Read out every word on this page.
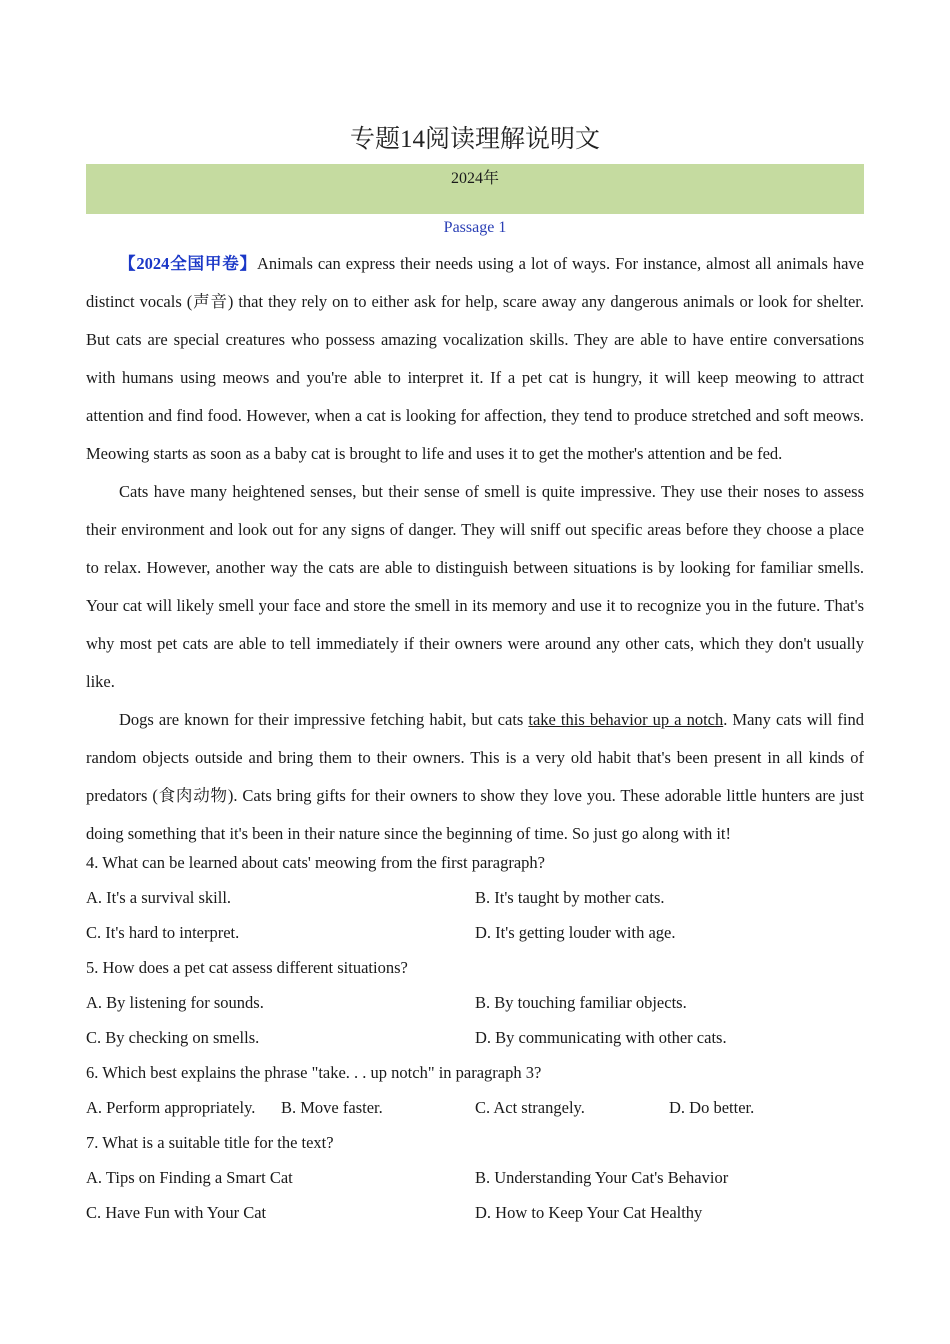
专题14阅读理解说明文
2024年
Passage 1

【2024全国甲卷】Animals can express their needs using a lot of ways. For instance, almost all animals have distinct vocals (声音) that they rely on to either ask for help, scare away any dangerous animals or look for shelter. But cats are special creatures who possess amazing vocalization skills. They are able to have entire conversations with humans using meows and you're able to interpret it. If a pet cat is hungry, it will keep meowing to attract attention and find food. However, when a cat is looking for affection, they tend to produce stretched and soft meows. Meowing starts as soon as a baby cat is brought to life and uses it to get the mother's attention and be fed.

Cats have many heightened senses, but their sense of smell is quite impressive. They use their noses to assess their environment and look out for any signs of danger. They will sniff out specific areas before they choose a place to relax. However, another way the cats are able to distinguish between situations is by looking for familiar smells. Your cat will likely smell your face and store the smell in its memory and use it to recognize you in the future. That's why most pet cats are able to tell immediately if their owners were around any other cats, which they don't usually like.

Dogs are known for their impressive fetching habit, but cats take this behavior up a notch. Many cats will find random objects outside and bring them to their owners. This is a very old habit that's been present in all kinds of predators (食肉动物). Cats bring gifts for their owners to show they love you. These adorable little hunters are just doing something that it's been in their nature since the beginning of time. So just go along with it!

4. What can be learned about cats' meowing from the first paragraph?
A. It's a survival skill.	B. It's taught by mother cats.
C. It's hard to interpret.	D. It's getting louder with age.
5. How does a pet cat assess different situations?
A. By listening for sounds.	B. By touching familiar objects.
C. By checking on smells.	D. By communicating with other cats.
6. Which best explains the phrase "take. . . up notch" in paragraph 3?
A. Perform appropriately. B. Move faster.	C. Act strangely.	D. Do better.
7. What is a suitable title for the text?
A. Tips on Finding a Smart Cat	B. Understanding Your Cat's Behavior
C. Have Fun with Your Cat	D. How to Keep Your Cat Healthy
